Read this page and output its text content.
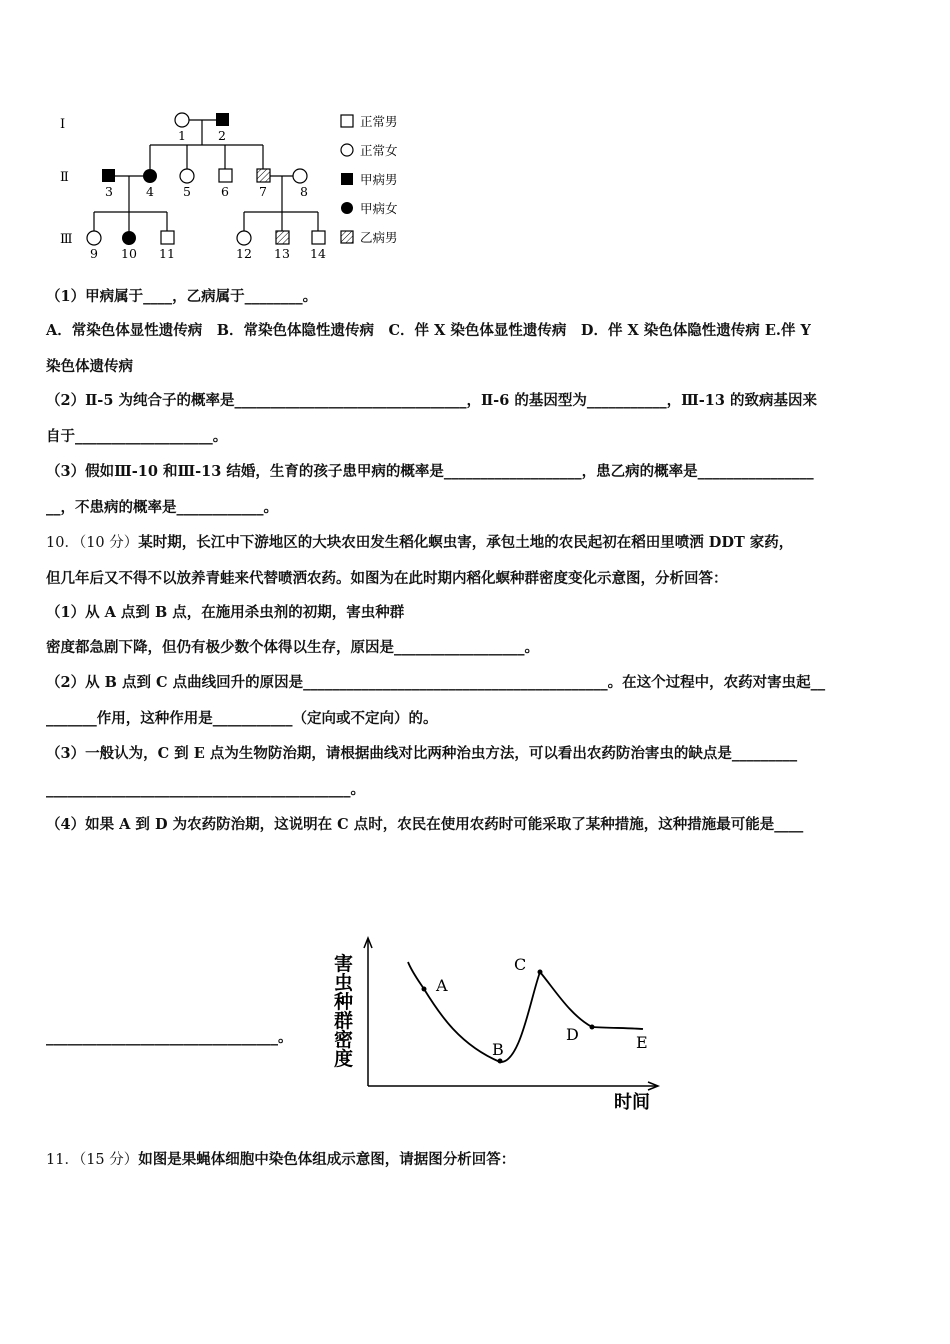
Ⅰ
Ⅱ
Ⅲ
1	2
3	4 5 6 7	8
9 10 11	12 13 14
正常男
正常女
甲病男
甲病女
乙病男
（1）甲病属于____，乙病属于________。
A．常染色体显性遗传病　B．常染色体隐性遗传病　C．伴 X 染色体显性遗传病　D．伴 X 染色体隐性遗传病 E.伴 Y
染色体遗传病
（2）Ⅱ-5 为纯合子的概率是________________________________，Ⅱ-6 的基因型为___________，Ⅲ-13 的致病基因来
自于___________________。
（3）假如Ⅲ-10 和Ⅲ-13 结婚，生育的孩子患甲病的概率是___________________，患乙病的概率是________________
__，不患病的概率是____________。
10．（10 分）某时期，长江中下游地区的大块农田发生稻化螟虫害，承包土地的农民起初在稻田里喷洒 DDT 家药，
但几年后又不得不以放养青蛙来代替喷洒农药。如图为在此时期内稻化螟种群密度变化示意图，分析回答：
（1）从 A 点到 B 点，在施用杀虫剂的初期，害虫种群
密度都急剧下降，但仍有极少数个体得以生存，原因是__________________。
（2）从 B 点到 C 点曲线回升的原因是__________________________________________。在这个过程中，农药对害虫起__
_______作用，这种作用是___________（定向或不定向）的。
（3）一般认为，C 到 E 点为生物防治期，请根据曲线对比两种治虫方法，可以看出农药防治害虫的缺点是_________
__________________________________________。
（4）如果 A 到 D 为农药防治期，这说明在 C 点时，农民在使用农药时可能采取了某种措施，这种措施最可能是____
________________________________。
A
B
C
D	E
害
虫
种
群
密
度
时间
11．（15 分）如图是果蝇体细胞中染色体组成示意图，请据图分析回答：
